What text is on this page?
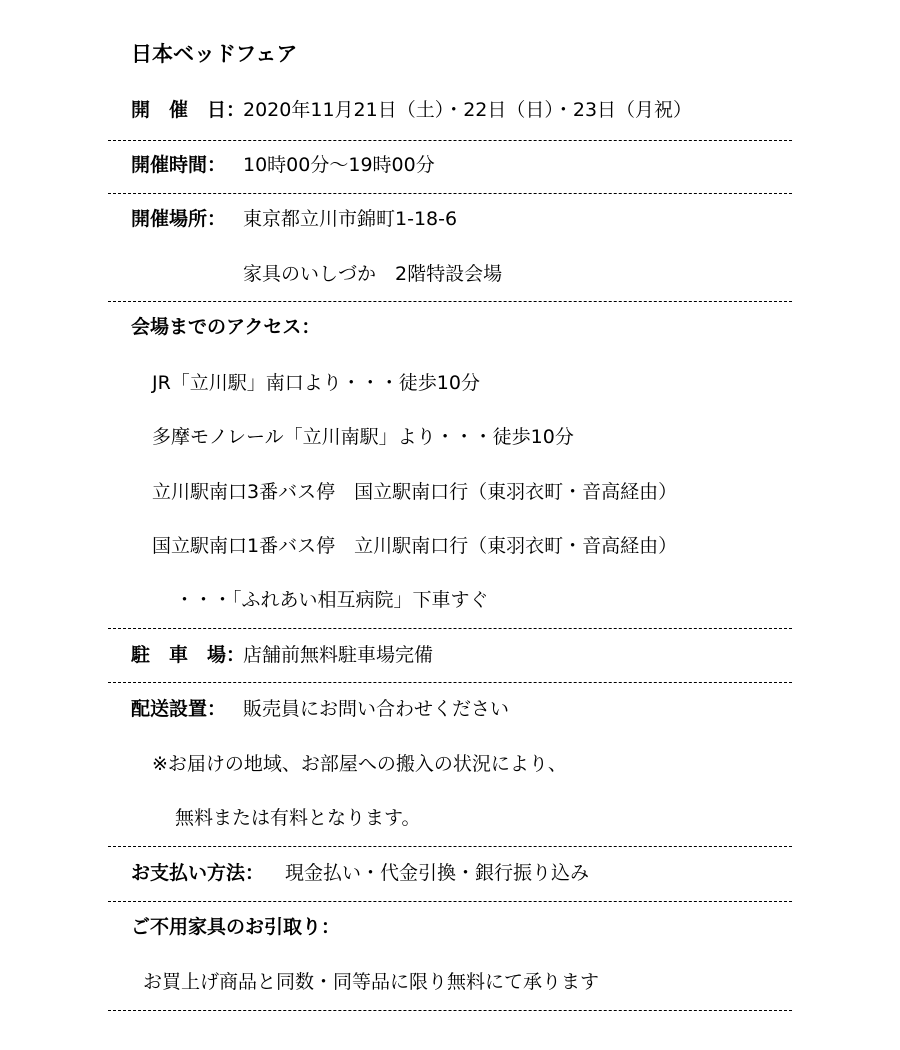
日本ベッドフェア
開　催　日：
2020年11月21日（土）・22日（日）・23日（月祝）
開催時間： 10時00分～19時00分
開催場所： 東京都立川市錦町1-18-6
家具のいしづか　2階特設会場
会場までのアクセス：
JR「立川駅」南口より・・・徒歩10分
多摩モノレール「立川南駅」より・・・徒歩10分
立川駅南口3番バス停　国立駅南口行（東羽衣町・音高経由）
国立駅南口1番バス停　立川駅南口行（東羽衣町・音高経由）
・・・「ふれあい相互病院」下車すぐ
駐　車　場：
店舗前無料駐車場完備
配送設置： 販売員にお問い合わせください
※お届けの地域、お部屋への搬入の状況により、
無料または有料となります。
お支払い方法： 現金払い・代金引換・銀行振り込み
ご不用家具のお引取り：
お買上げ商品と同数・同等品に限り無料にて承ります
